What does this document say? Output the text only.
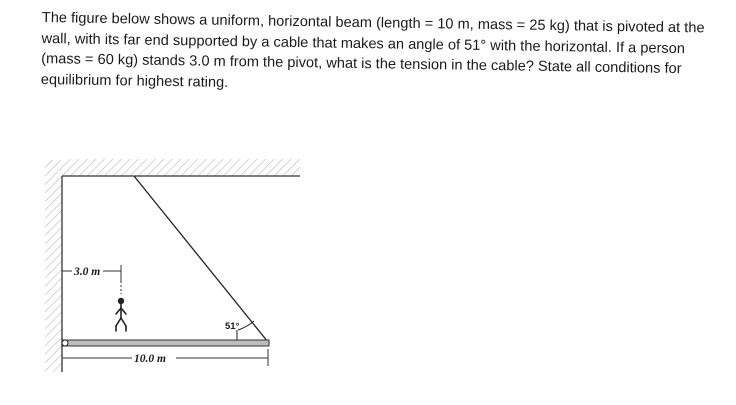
The figure below shows a uniform, horizontal beam (length = 10 m, mass = 25 kg) that is pivoted at the
wall, with its far end supported by a cable that makes an angle of 51° with the horizontal. If a person
(mass = 60 kg) stands 3.0 m from the pivot, what is the tension in the cable? State all conditions for
equilibrium for highest rating.

51°
3.0 m
10.0 m
